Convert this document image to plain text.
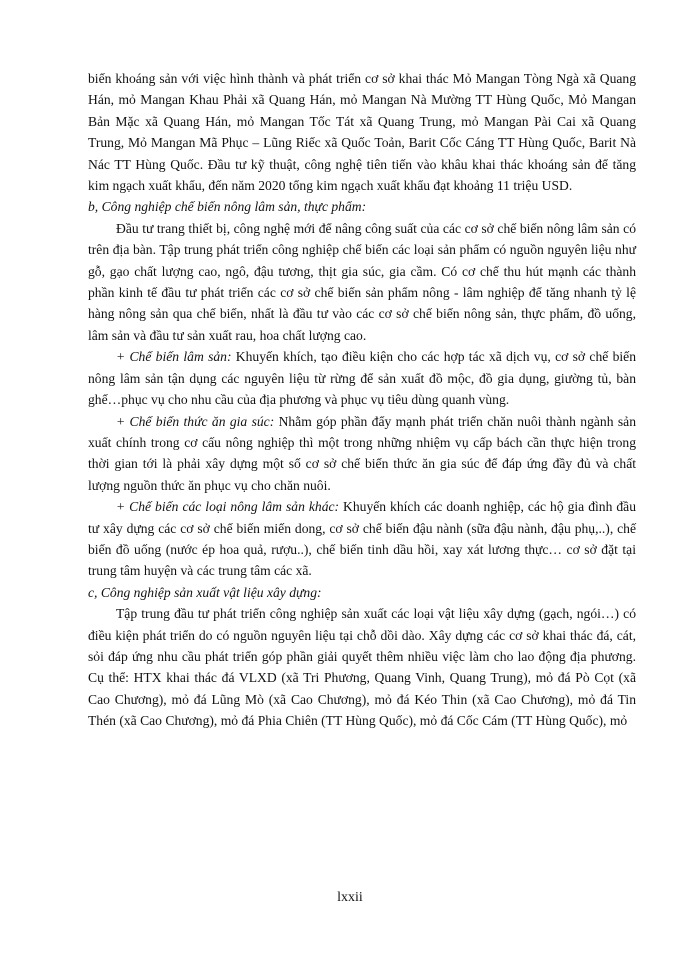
biến khoáng sản với việc hình thành và phát triển cơ sở khai thác Mỏ Mangan Tòng Ngà xã Quang Hán, mỏ Mangan Khau Phải xã Quang Hán, mỏ Mangan Nà Mường TT Hùng Quốc, Mỏ Mangan Bản Mặc xã Quang Hán, mỏ Mangan Tốc Tát xã Quang Trung, mỏ Mangan Pài Cai xã Quang Trung, Mỏ Mangan Mã Phục – Lũng Riếc xã Quốc Toản, Barit Cốc Cáng TT Hùng Quốc, Barit Nà Nác TT Hùng Quốc. Đầu tư kỹ thuật, công nghệ tiên tiến vào khâu khai thác khoáng sản để tăng kim ngạch xuất khẩu, đến năm 2020 tổng kim ngạch xuất khẩu đạt khoảng 11 triệu USD.

b, Công nghiệp chế biến nông lâm sản, thực phẩm:

Đầu tư trang thiết bị, công nghệ mới để nâng công suất của các cơ sở chế biến nông lâm sản có trên địa bàn. Tập trung phát triển công nghiệp chế biến các loại sản phẩm có nguồn nguyên liệu như gỗ, gạo chất lượng cao, ngô, đậu tương, thịt gia súc, gia cầm. Có cơ chế thu hút mạnh các thành phần kinh tế đầu tư phát triển các cơ sở chế biến sản phẩm nông - lâm nghiệp để tăng nhanh tỷ lệ hàng nông sản qua chế biến, nhất là đầu tư vào các cơ sở chế biến nông sản, thực phẩm, đồ uống, lâm sản và đầu tư sản xuất rau, hoa chất lượng cao.

+ Chế biến lâm sản: Khuyến khích, tạo điều kiện cho các hợp tác xã dịch vụ, cơ sở chế biến nông lâm sản tận dụng các nguyên liệu từ rừng để sản xuất đồ mộc, đồ gia dụng, giường tủ, bàn ghế…phục vụ cho nhu cầu của địa phương và phục vụ tiêu dùng quanh vùng.

+ Chế biến thức ăn gia súc: Nhằm góp phần đẩy mạnh phát triển chăn nuôi thành ngành sản xuất chính trong cơ cấu nông nghiệp thì một trong những nhiệm vụ cấp bách cần thực hiện trong thời gian tới là phải xây dựng một số cơ sở chế biến thức ăn gia súc để đáp ứng đầy đủ và chất lượng nguồn thức ăn phục vụ cho chăn nuôi.

+ Chế biến các loại nông lâm sản khác: Khuyến khích các doanh nghiệp, các hộ gia đình đầu tư xây dựng các cơ sở chế biến miến dong, cơ sở chế biến đậu nành (sữa đậu nành, đậu phụ,..), chế biến đồ uống (nước ép hoa quả, rượu..), chế biến tinh dầu hồi, xay xát lương thực… cơ sở đặt tại trung tâm huyện và các trung tâm các xã.

c, Công nghiệp sản xuất vật liệu xây dựng:

Tập trung đầu tư phát triển công nghiệp sản xuất các loại vật liệu xây dựng (gạch, ngói…) có điều kiện phát triển do có nguồn nguyên liệu tại chỗ dồi dào. Xây dựng các cơ sở khai thác đá, cát, sỏi đáp ứng nhu cầu phát triển góp phần giải quyết thêm nhiều việc làm cho lao động địa phương. Cụ thể: HTX khai thác đá VLXD (xã Tri Phương, Quang Vinh, Quang Trung), mỏ đá Pò Cọt (xã Cao Chương), mỏ đá Lũng Mò (xã Cao Chương), mỏ đá Kéo Thin (xã Cao Chương), mỏ đá Tin Thén (xã Cao Chương), mỏ đá Phia Chiên (TT Hùng Quốc), mỏ đá Cốc Cám (TT Hùng Quốc), mỏ

lxxii
